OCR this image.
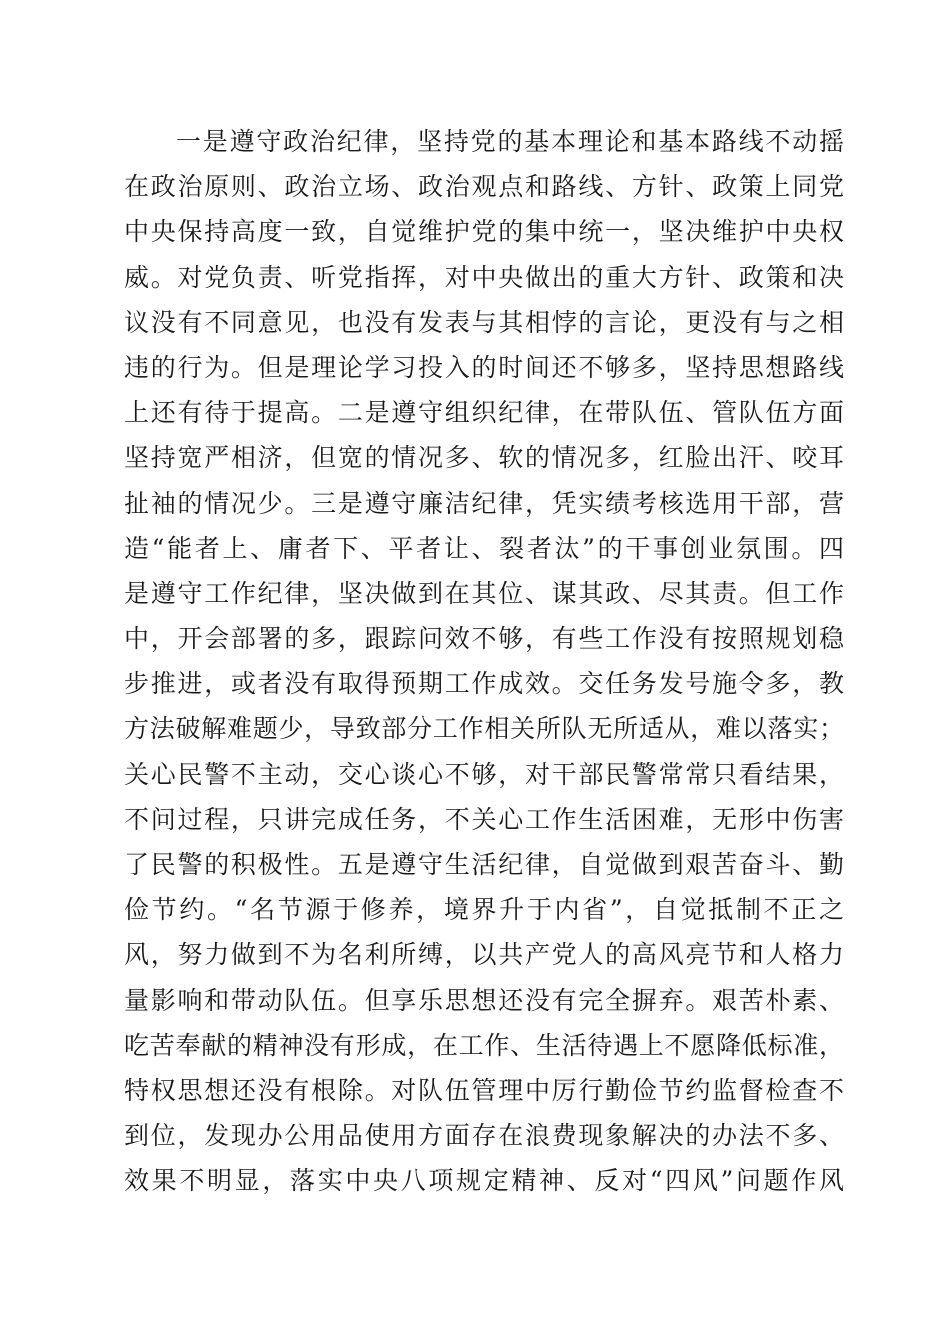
一是遵守政治纪律，坚持党的基本理论和基本路线不动摇
在政治原则、政治立场、政治观点和路线、方针、政策上同党
中央保持高度一致，自觉维护党的集中统一，坚决维护中央权
威。对党负责、听党指挥，对中央做出的重大方针、政策和决
议没有不同意见，也没有发表与其相悖的言论，更没有与之相
违的行为。但是理论学习投入的时间还不够多，坚持思想路线
上还有待于提高。二是遵守组织纪律，在带队伍、管队伍方面
坚持宽严相济，但宽的情况多、软的情况多，红脸出汗、咬耳
扯袖的情况少。三是遵守廉洁纪律，凭实绩考核选用干部，营
造“能者上、庸者下、平者让、裂者汰”的干事创业氛围。四
是遵守工作纪律，坚决做到在其位、谋其政、尽其责。但工作
中，开会部署的多，跟踪问效不够，有些工作没有按照规划稳
步推进，或者没有取得预期工作成效。交任务发号施令多，教
方法破解难题少，导致部分工作相关所队无所适从，难以落实；
关心民警不主动，交心谈心不够，对干部民警常常只看结果，
不问过程，只讲完成任务，不关心工作生活困难，无形中伤害
了民警的积极性。五是遵守生活纪律，自觉做到艰苦奋斗、勤
俭节约。“名节源于修养，境界升于内省”，自觉抵制不正之
风，努力做到不为名利所缚，以共产党人的高风亮节和人格力
量影响和带动队伍。但享乐思想还没有完全摒弃。艰苦朴素、
吃苦奉献的精神没有形成，在工作、生活待遇上不愿降低标准，
特权思想还没有根除。对队伍管理中厉行勤俭节约监督检查不
到位，发现办公用品使用方面存在浪费现象解决的办法不多、
效果不明显，落实中央八项规定精神、反对“四风”问题作风
